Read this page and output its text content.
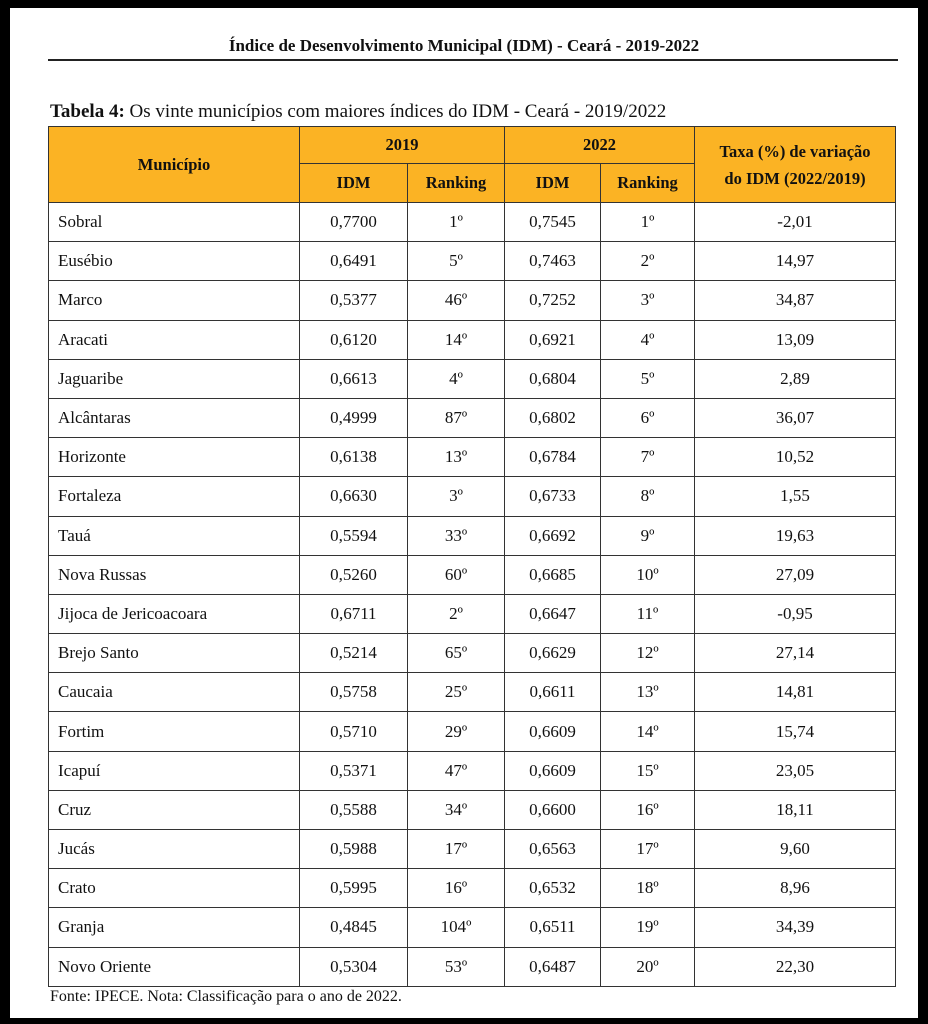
Índice de Desenvolvimento Municipal (IDM) - Ceará - 2019-2022
Tabela 4: Os vinte municípios com maiores índices do IDM - Ceará - 2019/2022
Município	2019		2022		Taxa (%) de variação
do IDM (2022/2019)

	IDM	Ranking	IDM	Ranking	
Sobral	0,7700	1º	0,7545	1º	-2,01
Eusébio	0,6491	5º	0,7463	2º	14,97
Marco	0,5377	46º	0,7252	3º	34,87
Aracati	0,6120	14º	0,6921	4º	13,09
Jaguaribe	0,6613	4º	0,6804	5º	2,89
Alcântaras	0,4999	87º	0,6802	6º	36,07
Horizonte	0,6138	13º	0,6784	7º	10,52
Fortaleza	0,6630	3º	0,6733	8º	1,55
Tauá	0,5594	33º	0,6692	9º	19,63
Nova Russas	0,5260	60º	0,6685	10º	27,09
Jijoca de Jericoacoara	0,6711	2º	0,6647	11º	-0,95
Brejo Santo	0,5214	65º	0,6629	12º	27,14
Caucaia	0,5758	25º	0,6611	13º	14,81
Fortim	0,5710	29º	0,6609	14º	15,74
Icapuí	0,5371	47º	0,6609	15º	23,05
Cruz	0,5588	34º	0,6600	16º	18,11
Jucás	0,5988	17º	0,6563	17º	9,60
Crato	0,5995	16º	0,6532	18º	8,96
Granja	0,4845	104º	0,6511	19º	34,39
Novo Oriente	0,5304	53º	0,6487	20º	22,30
Fonte: IPECE. Nota: Classificação para o ano de 2022.
